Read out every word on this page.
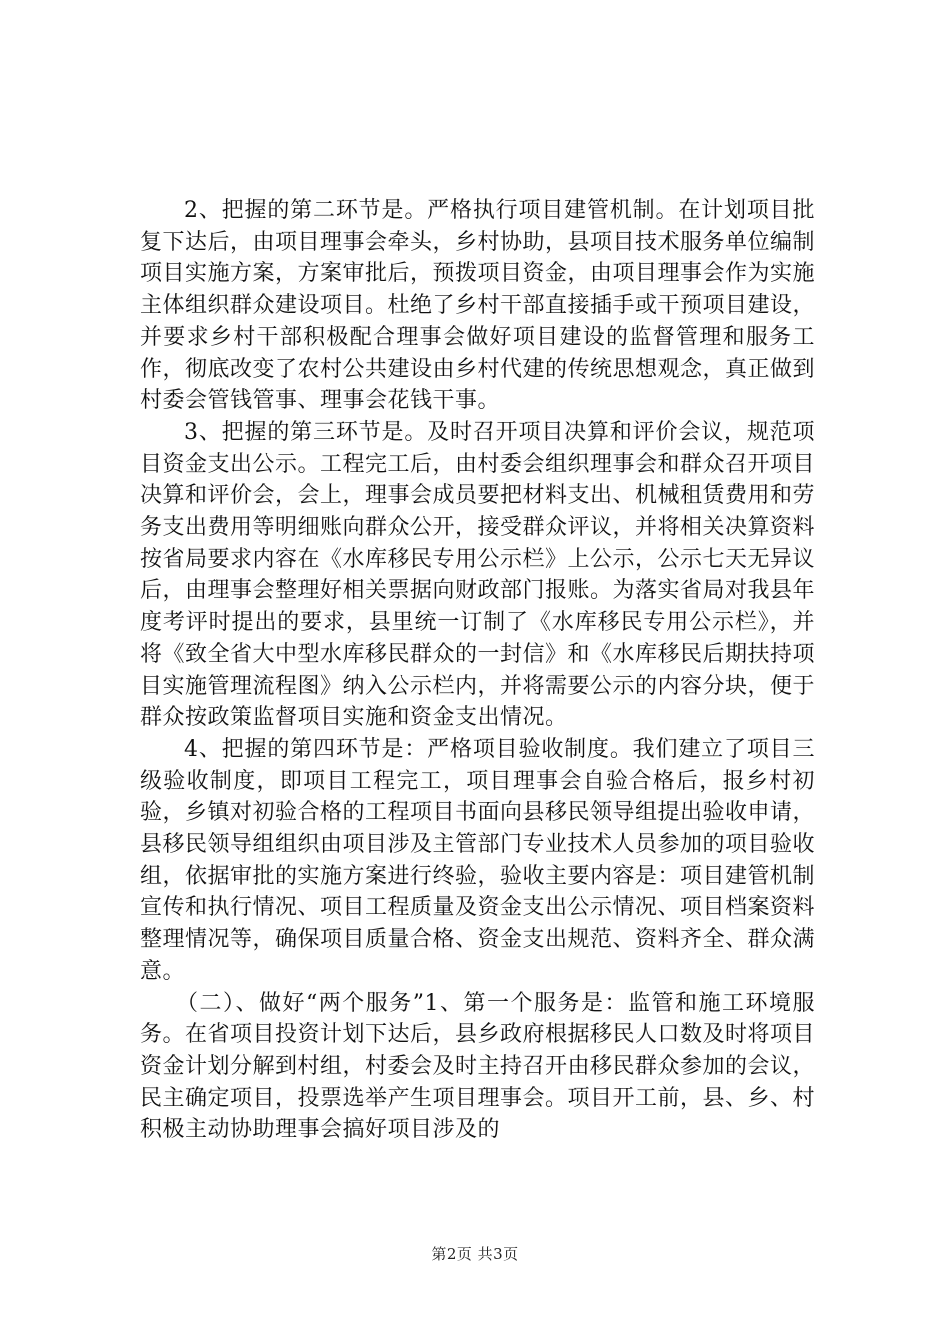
2、把握的第二环节是。严格执行项目建管机制。在计划项目批复下达后，由项目理事会牵头，乡村协助，县项目技术服务单位编制项目实施方案，方案审批后，预拨项目资金，由项目理事会作为实施主体组织群众建设项目。杜绝了乡村干部直接插手或干预项目建设，并要求乡村干部积极配合理事会做好项目建设的监督管理和服务工作，彻底改变了农村公共建设由乡村代建的传统思想观念，真正做到村委会管钱管事、理事会花钱干事。

3、把握的第三环节是。及时召开项目决算和评价会议，规范项目资金支出公示。工程完工后，由村委会组织理事会和群众召开项目决算和评价会，会上，理事会成员要把材料支出、机械租赁费用和劳务支出费用等明细账向群众公开，接受群众评议，并将相关决算资料按省局要求内容在《水库移民专用公示栏》上公示，公示七天无异议后，由理事会整理好相关票据向财政部门报账。为落实省局对我县年度考评时提出的要求，县里统一订制了《水库移民专用公示栏》，并将《致全省大中型水库移民群众的一封信》和《水库移民后期扶持项目实施管理流程图》纳入公示栏内，并将需要公示的内容分块，便于群众按政策监督项目实施和资金支出情况。

4、把握的第四环节是：严格项目验收制度。我们建立了项目三级验收制度，即项目工程完工，项目理事会自验合格后，报乡村初验，乡镇对初验合格的工程项目书面向县移民领导组提出验收申请，县移民领导组组织由项目涉及主管部门专业技术人员参加的项目验收组，依据审批的实施方案进行终验，验收主要内容是：项目建管机制宣传和执行情况、项目工程质量及资金支出公示情况、项目档案资料整理情况等，确保项目质量合格、资金支出规范、资料齐全、群众满意。

（二）、做好“两个服务”1、第一个服务是：监管和施工环境服务。在省项目投资计划下达后，县乡政府根据移民人口数及时将项目资金计划分解到村组，村委会及时主持召开由移民群众参加的会议，民主确定项目，投票选举产生项目理事会。项目开工前，县、乡、村积极主动协助理事会搞好项目涉及的

第2页 共3页
